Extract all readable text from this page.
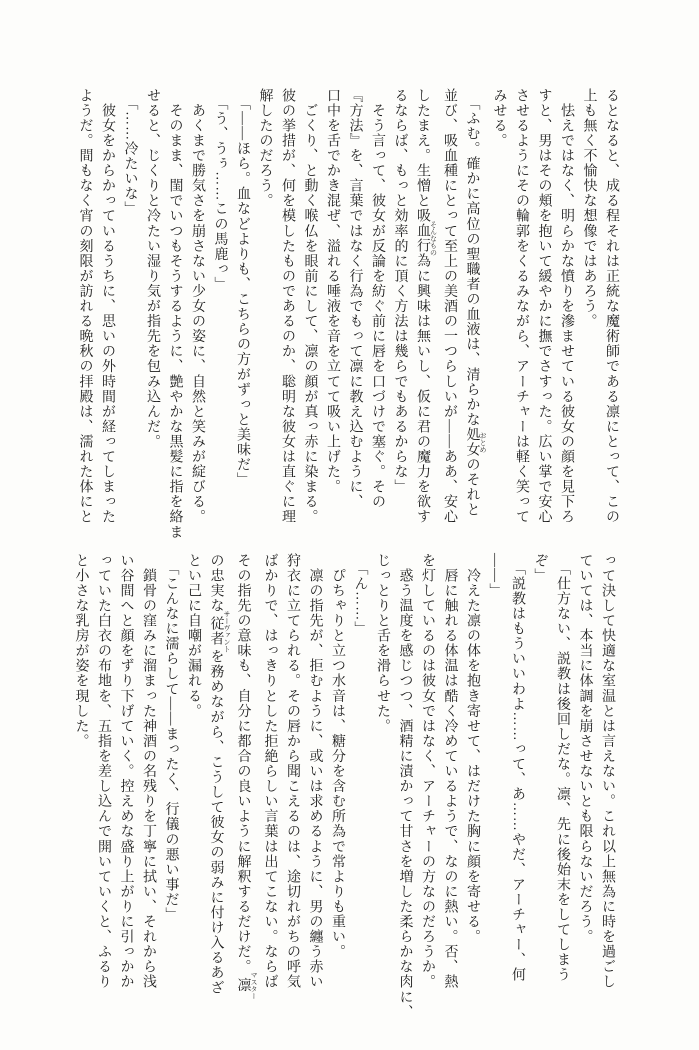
るとなると、成る程それは正統な魔術師である凛にとって、この
上も無く不愉快な想像ではあろう。
　怯えではなく、明らかな憤りを滲ませている彼女の顔を見下ろ
すと、男はその頬を抱いて緩やかに撫でさすった。広い掌で安心
させるようにその輪郭をくるみながら、アーチャーは軽く笑って
みせる。
　「ふむ。確かに高位の聖職者の血液は、清らかな処女 おとめのそれと
並び、吸血種にとって至上の美酒の一つらしいが――ああ、安心
したまえ。生憎と吸血行為 そんなものに興味は無いし、仮に君の魔力を欲す
るならば、もっと効率的に頂く方法は幾らでもあるからな」
　そう言って、彼女が反論を紡ぐ前に唇を口づけで塞ぐ。その
『方法』を、言葉ではなく行為でもって凛に教え込むように、
口中を舌でかき混ぜ、溢れる唾液を音を立てて吸い上げた。
　ごくり、と動く喉仏を眼前にして、凛の顔が真っ赤に染まる。
彼の挙措が、何を模したものであるのか、聡明な彼女は直ぐに理
解したのだろう。
　「――ほら。血などよりも、こちらの方がずっと美味だ」
　「う、うぅ……この馬鹿っ」
　あくまで勝気さを崩さない少女の姿に、自然と笑みが綻びる。
　そのまま、閨でいつもそうするように、艶やかな黒髪に指を絡ま
せると、じくりと冷たい湿り気が指先を包み込んだ。
　「……冷たいな」
　彼女をからかっているうちに、思いの外時間が経ってしまった
ようだ。間もなく宵の刻限が訪れる晩秋の拝殿は、濡れた体にと
って決して快適な室温とは言えない。これ以上無為に時を過ごし
ていては、本当に体調を崩させないとも限らないだろう。
　「仕方ない、説教は後回しだな。凛、先に後始末をしてしまう
ぞ」
　「説教はもういいわよ……って、あ……やだ、アーチャー、何
――」
　冷えた凛の体を抱き寄せて、はだけた胸に顔を寄せる。
　唇に触れる体温は酷く冷めているようで、なのに熱い。否、熱
を灯しているのは彼女ではなく、アーチャーの方なのだろうか。
　惑う温度を感じつつ、酒精に漬かって甘さを増した柔らかな肉に、
じっとりと舌を滑らせた。
　「ん……」
　ぴちゃりと立つ水音は、糖分を含む所為で常よりも重い。
　凛の指先が、拒むように、或いは求めるように、男の纏う赤い
狩衣に立てられる。その唇から聞こえるのは、途切れがちの呼気
ばかりで、はっきりとした拒絶らしい言葉は出てこない。ならば
その指先の意味も、自分に都合の良いように解釈するだけだ。凛 マスター
の忠実な従者 サーヴァントを務めながら、こうして彼女の弱みに付け入るあざ
とい己に自嘲が漏れる。
　「こんなに濡らして――まったく、行儀の悪い事だ」
　鎖骨の窪みに溜まった神酒の名残りを丁寧に拭い、それから浅
い谷間へと顔をずり下げていく。控えめな盛り上がりに引っかか
っていた白衣の布地を、五指を差し込んで開いていくと、ふるり
と小さな乳房が姿を現した。
